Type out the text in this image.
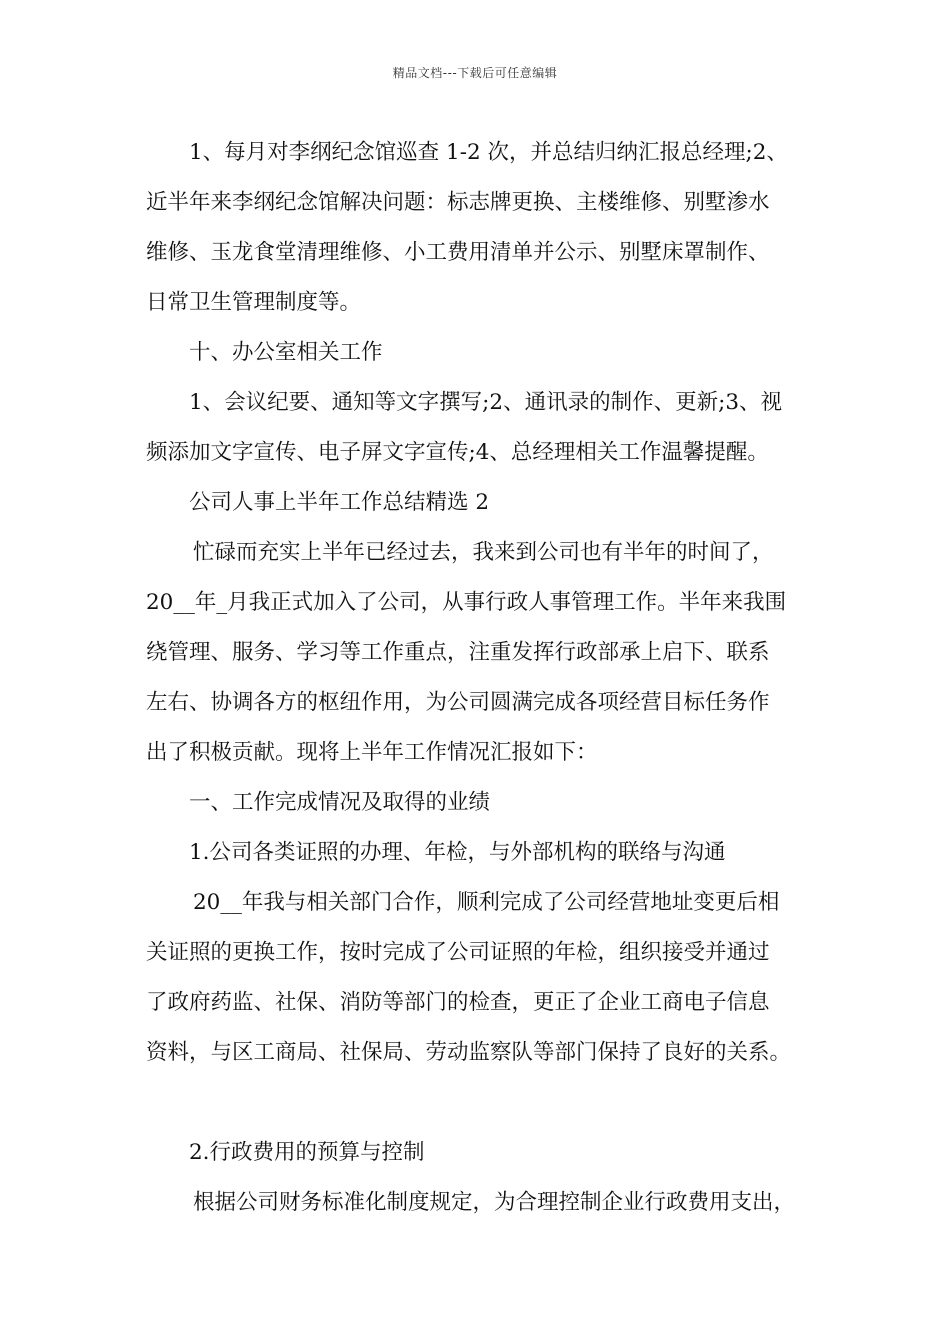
精品文档---下载后可任意编辑
1、每月对李纲纪念馆巡查 1-2 次，并总结归纳汇报总经理;2、
近半年来李纲纪念馆解决问题：标志牌更换、主楼维修、别墅渗水
维修、玉龙食堂清理维修、小工费用清单并公示、别墅床罩制作、
日常卫生管理制度等。
十、办公室相关工作
1、会议纪要、通知等文字撰写;2、通讯录的制作、更新;3、视
频添加文字宣传、电子屏文字宣传;4、总经理相关工作温馨提醒。
公司人事上半年工作总结精选 2
忙碌而充实上半年已经过去，我来到公司也有半年的时间了，
20__年_月我正式加入了公司，从事行政人事管理工作。半年来我围
绕管理、服务、学习等工作重点，注重发挥行政部承上启下、联系
左右、协调各方的枢纽作用，为公司圆满完成各项经营目标任务作
出了积极贡献。现将上半年工作情况汇报如下：
一、工作完成情况及取得的业绩
1.公司各类证照的办理、年检，与外部机构的联络与沟通
20__年我与相关部门合作，顺利完成了公司经营地址变更后相
关证照的更换工作，按时完成了公司证照的年检，组织接受并通过
了政府药监、社保、消防等部门的检查，更正了企业工商电子信息
资料，与区工商局、社保局、劳动监察队等部门保持了良好的关系。
2.行政费用的预算与控制
根据公司财务标准化制度规定，为合理控制企业行政费用支出，
